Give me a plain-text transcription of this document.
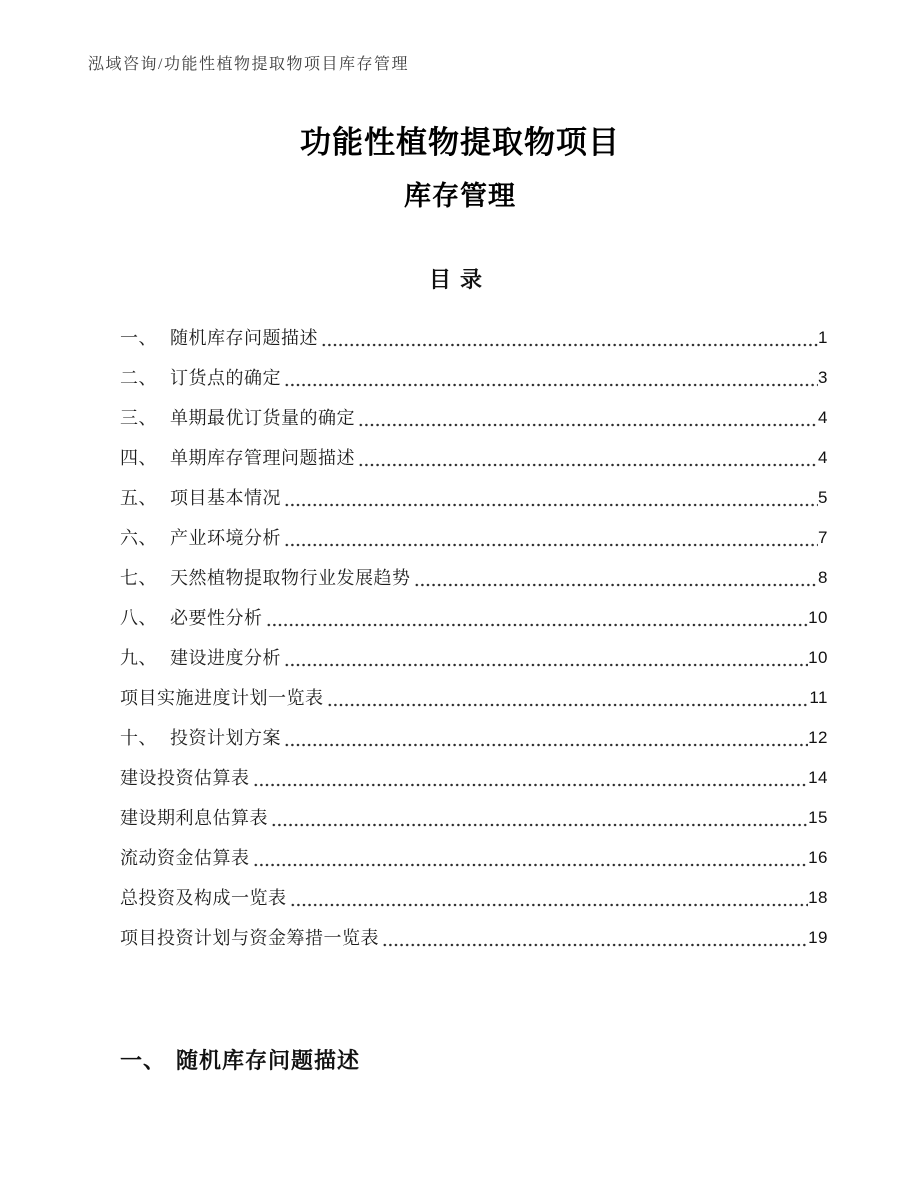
泓域咨询/功能性植物提取物项目库存管理
功能性植物提取物项目
库存管理
目录
一、 随机库存问题描述	1
二、 订货点的确定	3
三、 单期最优订货量的确定	4
四、 单期库存管理问题描述	4
五、 项目基本情况	5
六、 产业环境分析	7
七、 天然植物提取物行业发展趋势	8
八、 必要性分析	10
九、 建设进度分析	10
项目实施进度计划一览表	11
十、 投资计划方案	12
建设投资估算表	14
建设期利息估算表	15
流动资金估算表	16
总投资及构成一览表	18
项目投资计划与资金筹措一览表	19
一、 随机库存问题描述
